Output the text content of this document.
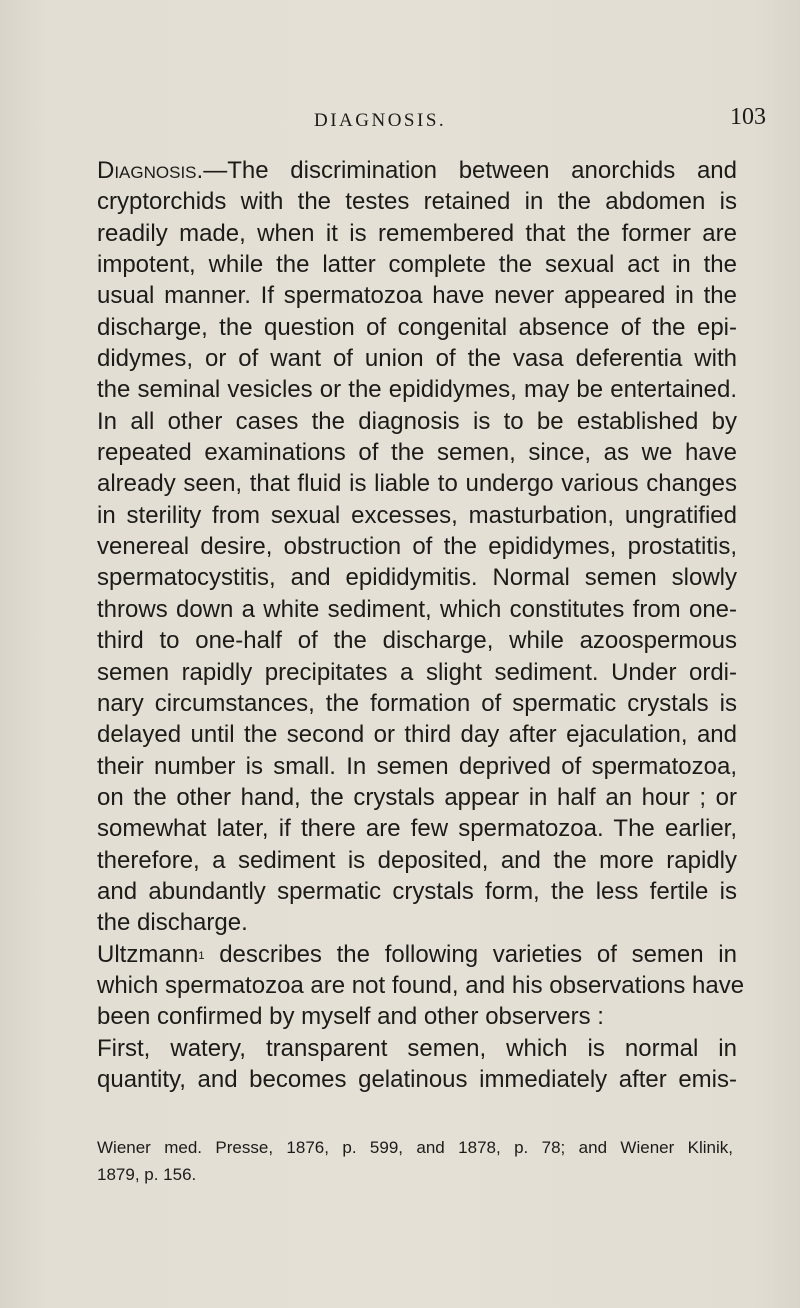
DIAGNOSIS.	103
Diagnosis.—The discrimination between anorchids and
cryptorchids with the testes retained in the abdomen is
readily made, when it is remembered that the former are
impotent, while the latter complete the sexual act in the
usual manner. If spermatozoa have never appeared in the
discharge, the question of congenital absence of the epi-
didymes, or of want of union of the vasa deferentia with
the seminal vesicles or the epididymes, may be entertained.
In all other cases the diagnosis is to be established by
repeated examinations of the semen, since, as we have
already seen, that fluid is liable to undergo various changes
in sterility from sexual excesses, masturbation, ungratified
venereal desire, obstruction of the epididymes, prostatitis,
spermatocystitis, and epididymitis. Normal semen slowly
throws down a white sediment, which constitutes from one-
third to one-half of the discharge, while azoospermous
semen rapidly precipitates a slight sediment. Under ordi-
nary circumstances, the formation of spermatic crystals is
delayed until the second or third day after ejaculation, and
their number is small. In semen deprived of spermatozoa,
on the other hand, the crystals appear in half an hour ; or
somewhat later, if there are few spermatozoa. The earlier,
therefore, a sediment is deposited, and the more rapidly
and abundantly spermatic crystals form, the less fertile is
the discharge.
Ultzmann$^1$ describes the following varieties of semen in
which spermatozoa are not found, and his observations have
been confirmed by myself and other observers :
First, watery, transparent semen, which is normal in
quantity, and becomes gelatinous immediately after emis-
Wiener med. Presse, 1876, p. 599, and 1878, p. 78; and Wiener Klinik,
1879, p. 156.
